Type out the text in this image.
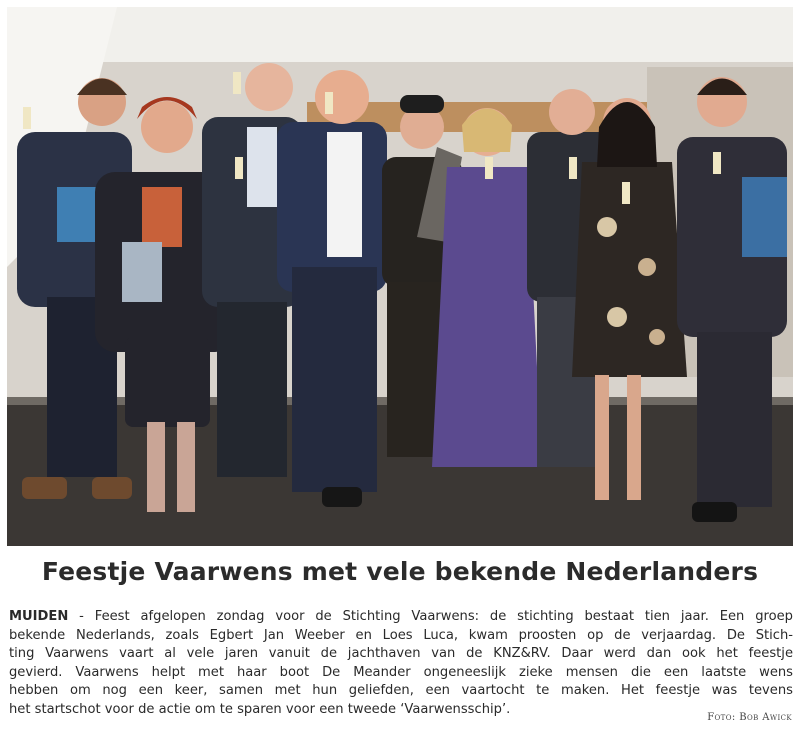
Feestje Vaarwens met vele bekende Nederlanders
MUIDEN - Feest afgelopen zondag voor de Stichting Vaarwens: de stichting bestaat tien jaar. Een groep
bekende Nederlands, zoals Egbert Jan Weeber en Loes Luca, kwam proosten op de verjaardag. De Stich-
ting Vaarwens vaart al vele jaren vanuit de jachthaven van de KNZ&RV. Daar werd dan ook het feestje
gevierd. Vaarwens helpt met haar boot De Meander ongeneeslijk zieke mensen die een laatste wens
hebben om nog een keer, samen met hun geliefden, een vaartocht te maken. Het feestje was tevens
het startschot voor de actie om te sparen voor een tweede ‘Vaarwensschip’.
Foto: Bob Awick
